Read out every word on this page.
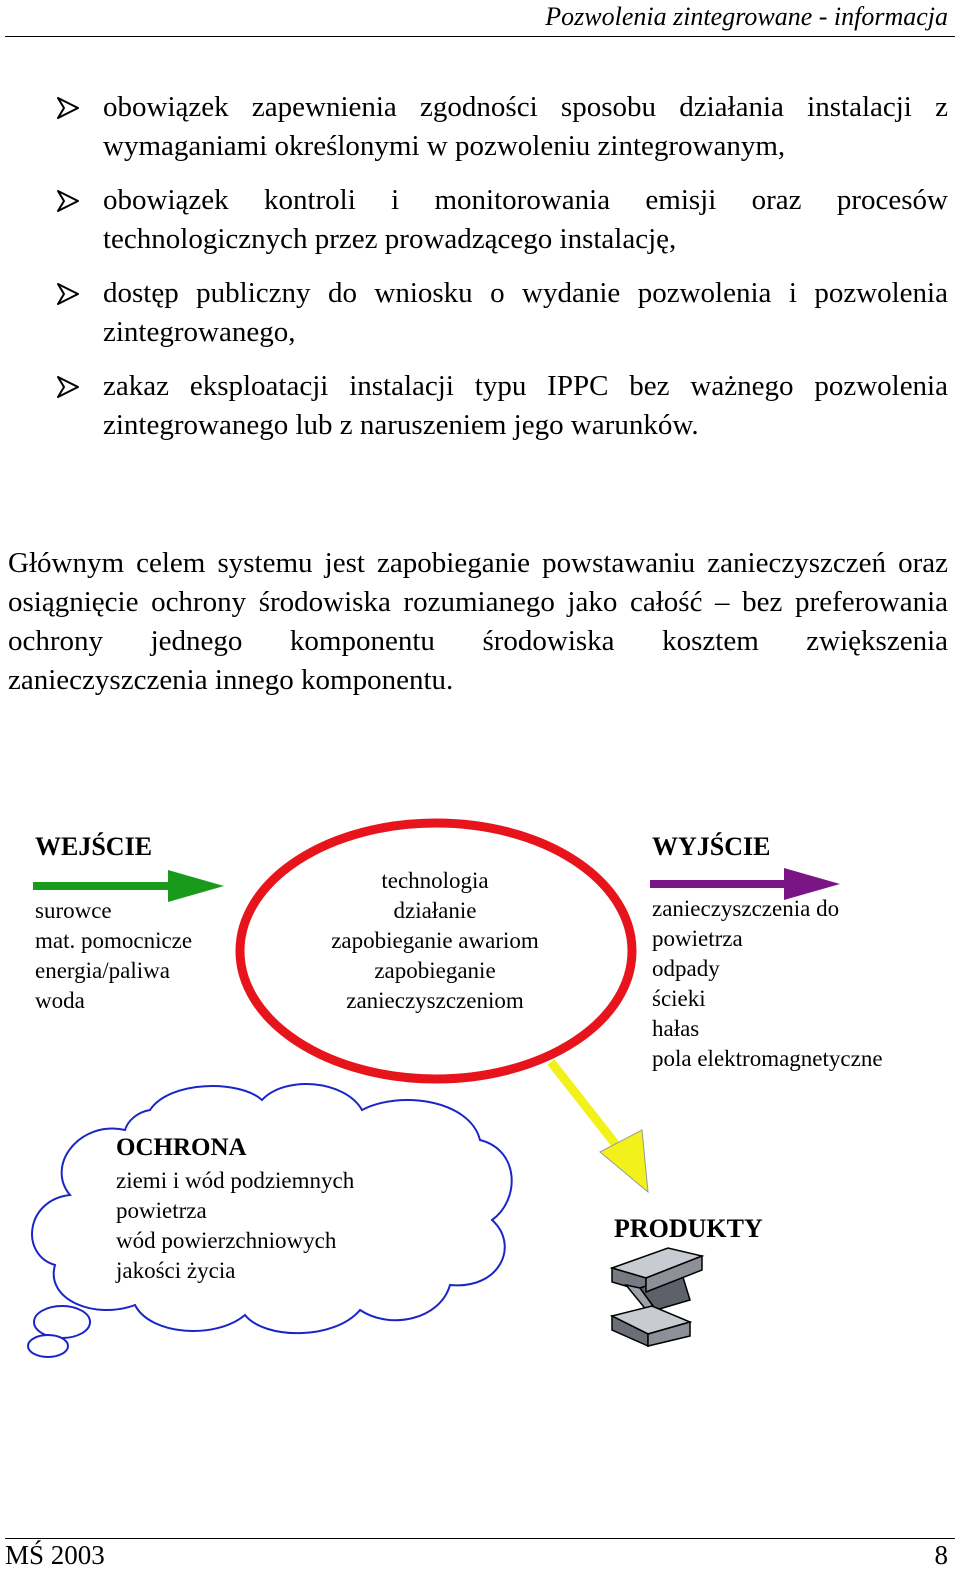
Pozwolenia zintegrowane - informacja
obowiązek zapewnienia zgodności sposobu działania instalacji z wymaganiami określonymi w pozwoleniu zintegrowanym,
obowiązek kontroli i monitorowania emisji oraz procesów technologicznych przez prowadzącego instalację,
dostęp publiczny do wniosku o wydanie pozwolenia i pozwolenia zintegrowanego,
zakaz eksploatacji instalacji typu IPPC bez ważnego pozwolenia zintegrowanego lub z naruszeniem jego warunków.

Głównym celem systemu jest zapobieganie powstawaniu zanieczyszczeń oraz osiągnięcie ochrony środowiska rozumianego jako całość – bez preferowania ochrony jednego komponentu środowiska kosztem zwiększenia zanieczyszczenia innego komponentu.

WEJŚCIE
surowce
mat. pomocnicze
energia/paliwa
woda
technologia
działanie
zapobieganie awariom
zapobieganie
zanieczyszczeniom
WYJŚCIE
zanieczyszczenia do
powietrza
odpady
ścieki
hałas
pola elektromagnetyczne
OCHRONA
ziemi i wód podziemnych
powietrza
wód powierzchniowych
jakości życia
PRODUKTY
MŚ 2003	8
